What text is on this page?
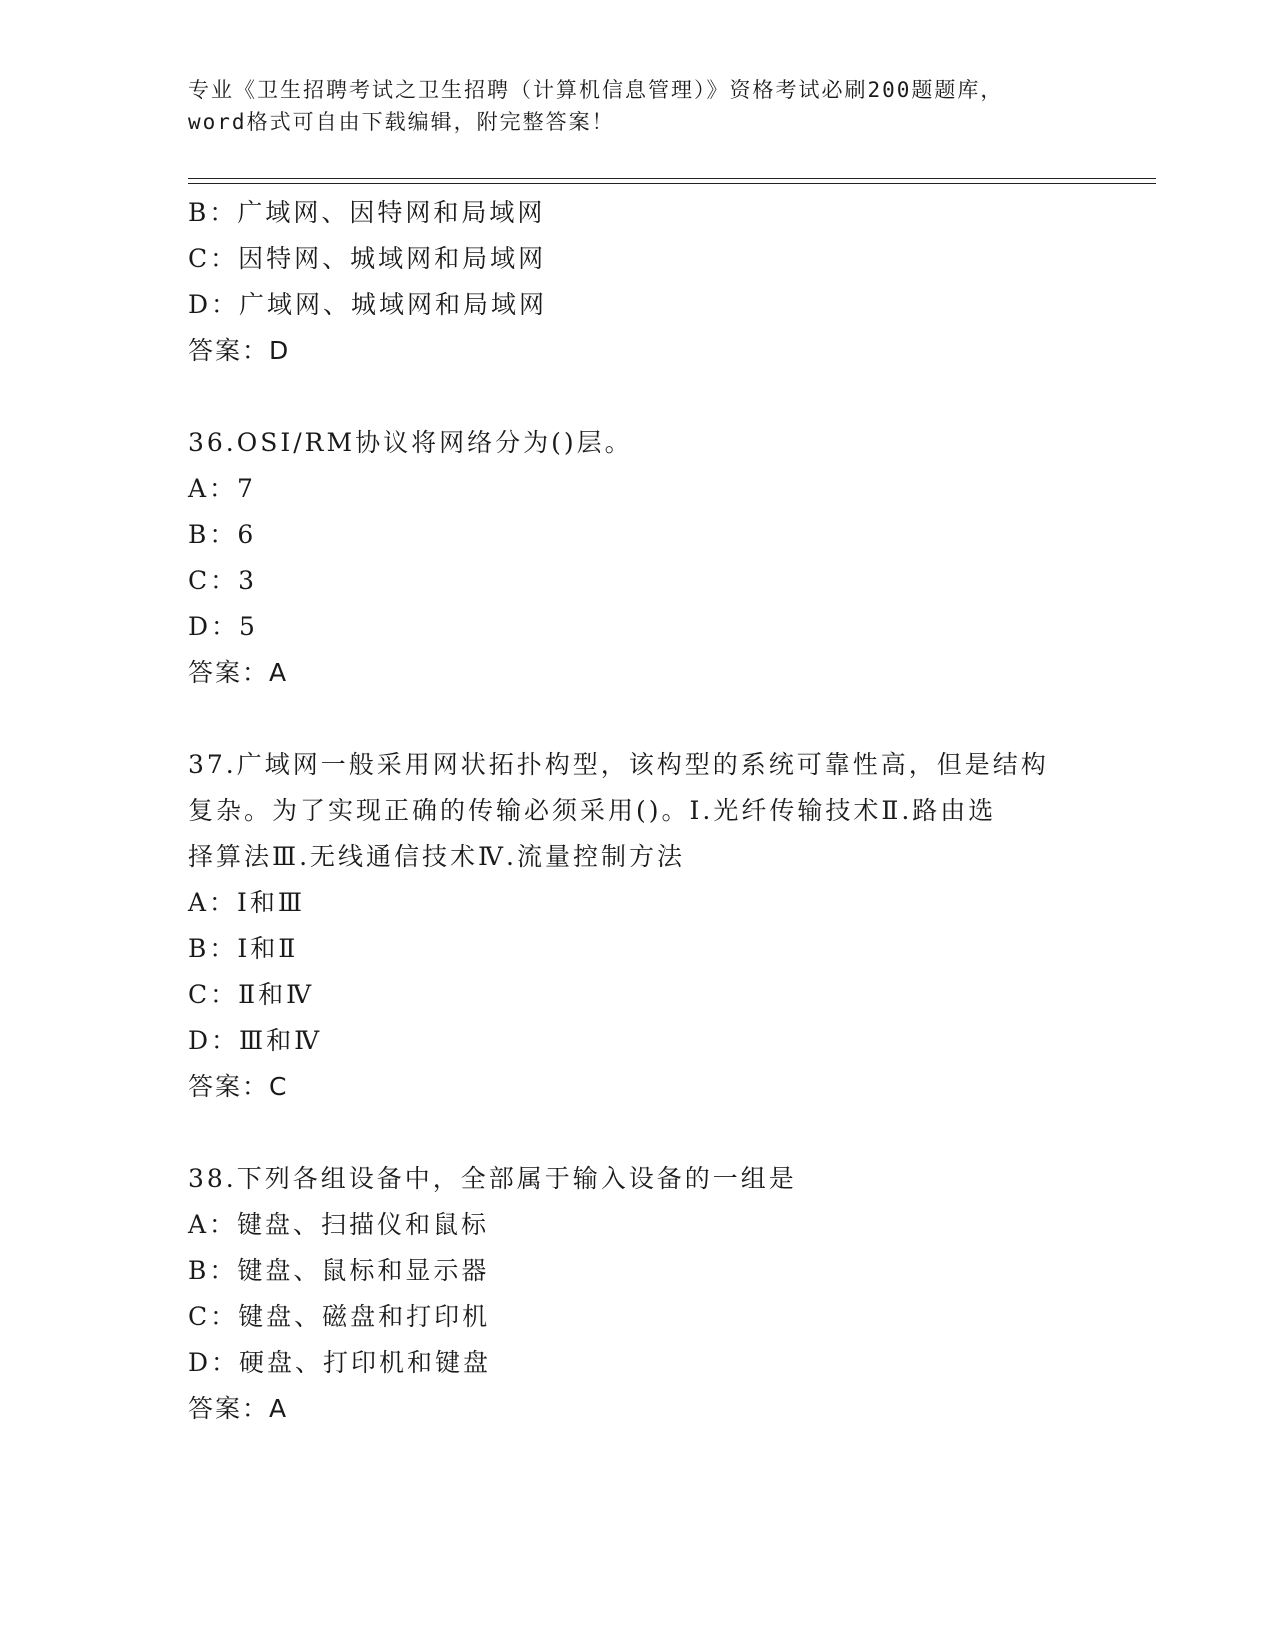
专业《卫生招聘考试之卫生招聘（计算机信息管理）》资格考试必刷200题题库，

word格式可自由下载编辑，附完整答案！

B：广域网、因特网和局域网

C：因特网、城域网和局域网

D：广域网、城域网和局域网

答案：D

36.OSI/RM协议将网络分为()层。

A：7

B：6

C：3

D：5

答案：A

37.广域网一般采用网状拓扑构型，该构型的系统可靠性高，但是结构

复杂。为了实现正确的传输必须采用()。Ⅰ.光纤传输技术Ⅱ.路由选

择算法Ⅲ.无线通信技术Ⅳ.流量控制方法

A：Ⅰ和Ⅲ

B：Ⅰ和Ⅱ

C：Ⅱ和Ⅳ

D：Ⅲ和Ⅳ

答案：C

38.下列各组设备中，全部属于输入设备的一组是

A：键盘、扫描仪和鼠标

B：键盘、鼠标和显示器

C：键盘、磁盘和打印机

D：硬盘、打印机和键盘

答案：A
